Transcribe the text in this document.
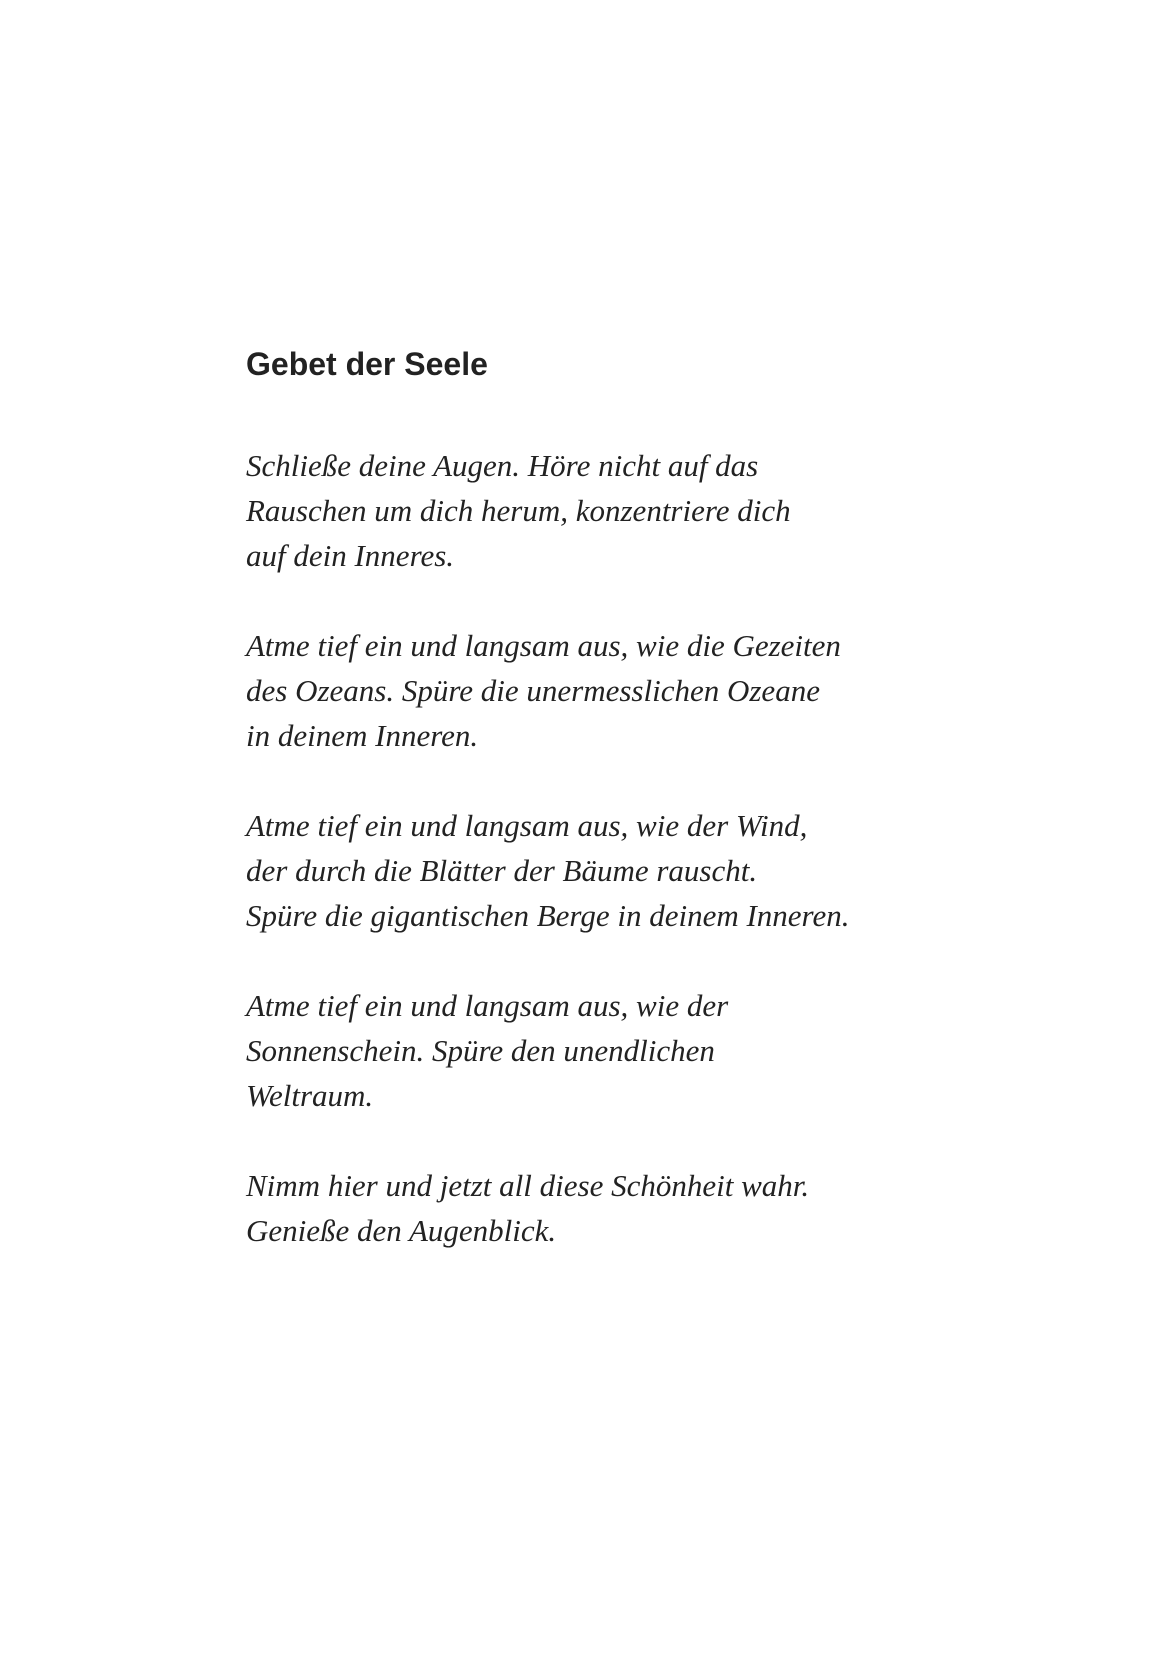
Gebet der Seele

Schließe deine Augen. Höre nicht auf das
Rauschen um dich herum, konzentriere dich
auf dein Inneres.

Atme tief ein und langsam aus, wie die Gezeiten
des Ozeans. Spüre die unermesslichen Ozeane
in deinem Inneren.

Atme tief ein und langsam aus, wie der Wind,
der durch die Blätter der Bäume rauscht.
Spüre die gigantischen Berge in deinem Inneren.

Atme tief ein und langsam aus, wie der
Sonnenschein. Spüre den unendlichen
Weltraum.

Nimm hier und jetzt all diese Schönheit wahr.
Genieße den Augenblick.
